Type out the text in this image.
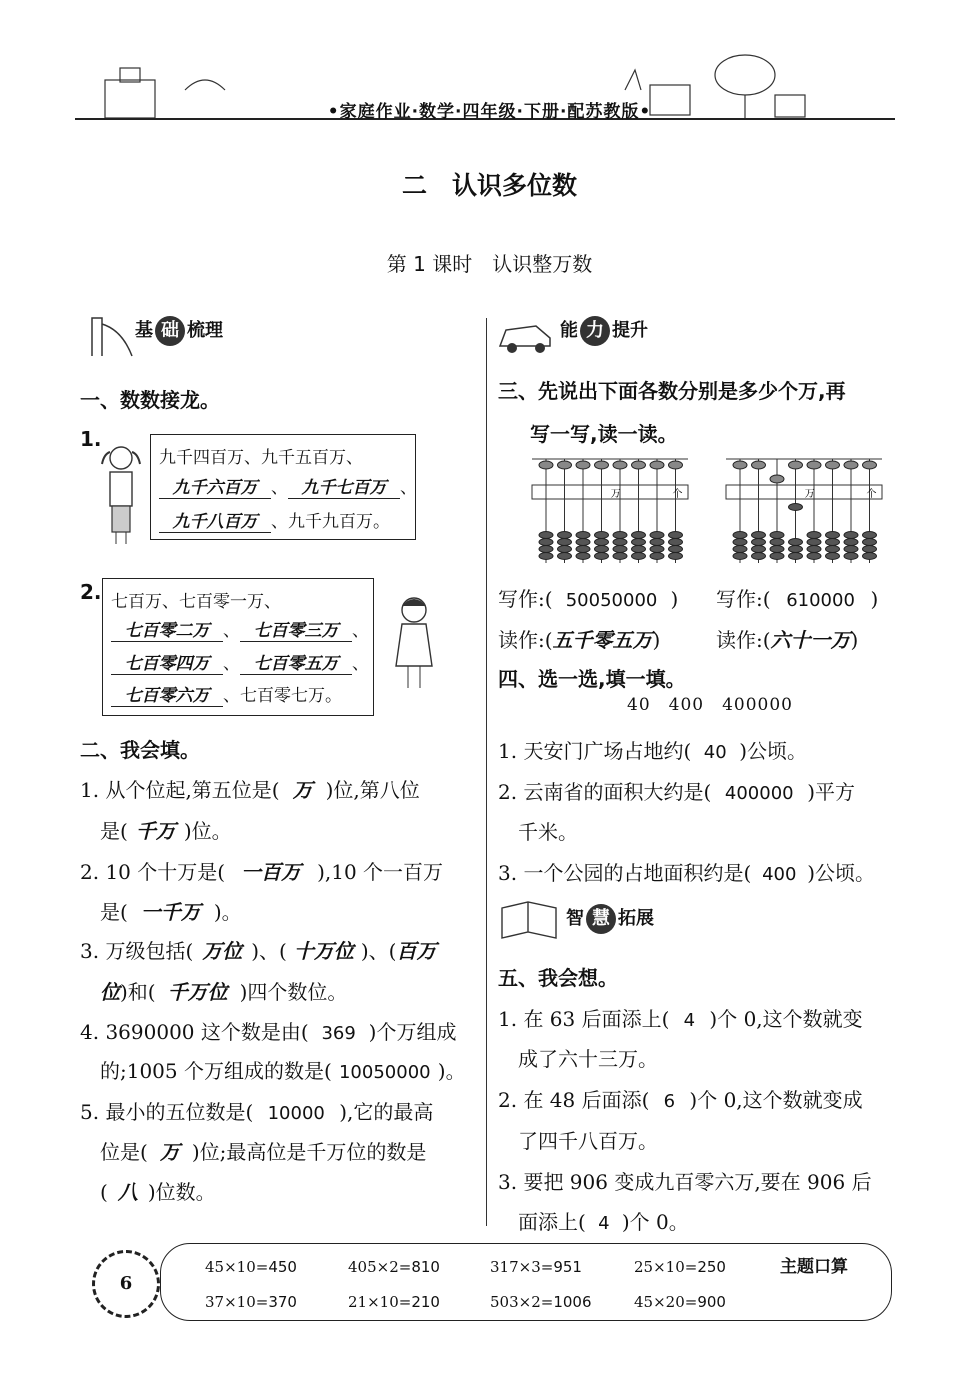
•家庭作业·数学·四年级·下册·配苏教版•
二　认识多位数
第 1 课时　认识整万数
基 础 梳理
一、数数接龙。
1.
九千四百万、九千五百万、
九千六百万 、 九千七百万 、
九千八百万 、九千九百万。
2. 七百万、七百零一万、
七百零二万 、 七百零三万 、
七百零四万 、 七百零五万 、
七百零六万 、七百零七万。
二、我会填。
1. 从个位起,第五位是( 万 )位,第八位
是( 千万 )位。
2. 10 个十万是( 一百万 ),10 个一百万
是( 一千万 )。
3. 万级包括( 万位 )、( 十万位 )、(百万
位)和( 千万位 )四个数位。
4. 3690000 这个数是由( 369 )个万组成
的;1005 个万组成的数是( 10050000 )。
5. 最小的五位数是( 10000 ),它的最高
位是( 万 )位;最高位是千万位的数是
( 八 )位数。
能 力 提升
三、先说出下面各数分别是多少个万,再
写一写,读一读。
万	个	万	个
写作:( 50050000 ) 写作:( 610000 )
读作:(五千零五万)	读作:(六十一万)
四、选一选,填一填。
40　400　400000
1. 天安门广场占地约( 40 )公顷。
2. 云南省的面积大约是( 400000 )平方
千米。
3. 一个公园的占地面积约是( 400 )公顷。
智 慧 拓展
五、我会想。
1. 在 63 后面添上( 4 )个 0,这个数就变
成了六十三万。
2. 在 48 后面添( 6 )个 0,这个数就变成
了四千八百万。
3. 要把 906 变成九百零六万,要在 906 后
面添上( 4 )个 0。
6
45×10=450	405×2=810	317×3=951	25×10=250
37×10=370	21×10=210	503×2=1006	45×20=900
主题口算
